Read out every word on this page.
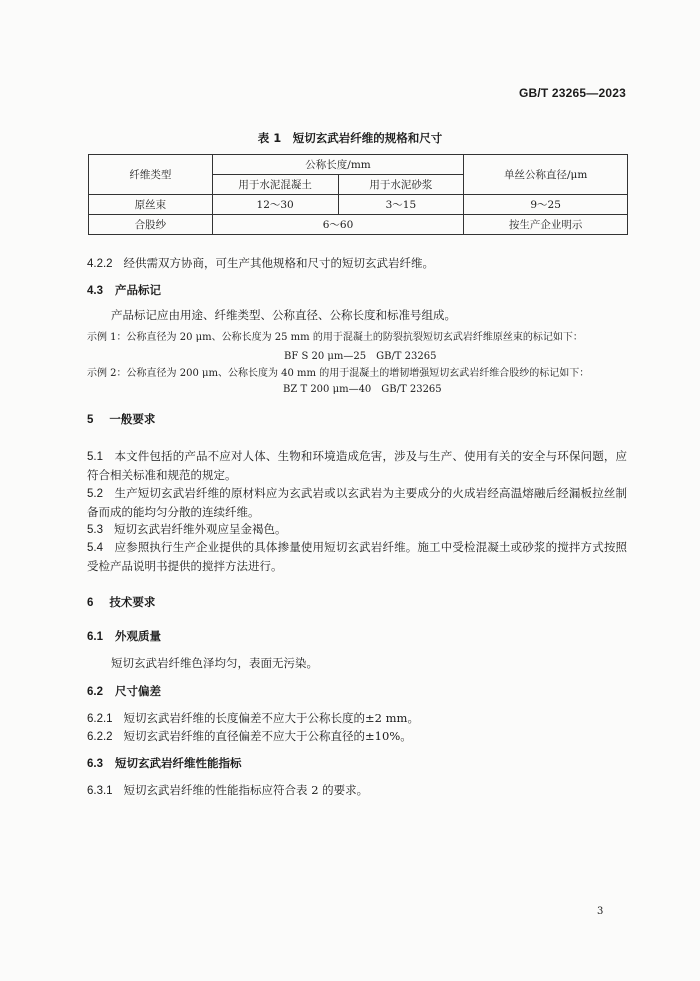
GB/T 23265—2023
表 1　短切玄武岩纤维的规格和尺寸
纤维类型	公称长度/mm		单丝公称直径/μm
	用于水泥混凝土	用于水泥砂浆	
原丝束	12～30	3～15	9～25
合股纱	6～60		按生产企业明示
4.2.2 经供需双方协商，可生产其他规格和尺寸的短切玄武岩纤维。
4.3 产品标记
产品标记应由用途、纤维类型、公称直径、公称长度和标准号组成。
示例 1：公称直径为 20 μm、公称长度为 25 mm 的用于混凝土的防裂抗裂短切玄武岩纤维原丝束的标记如下：
BF S 20 μm—25　GB/T 23265
示例 2：公称直径为 200 μm、公称长度为 40 mm 的用于混凝土的增韧增强短切玄武岩纤维合股纱的标记如下：
BZ T 200 μm—40　GB/T 23265
5 一般要求
5.1 本文件包括的产品不应对人体、生物和环境造成危害，涉及与生产、使用有关的安全与环保问题，应符合相关标准和规范的规定。
5.2 生产短切玄武岩纤维的原材料应为玄武岩或以玄武岩为主要成分的火成岩经高温熔融后经漏板拉丝制备而成的能均匀分散的连续纤维。
5.3 短切玄武岩纤维外观应呈金褐色。
5.4 应参照执行生产企业提供的具体掺量使用短切玄武岩纤维。施工中受检混凝土或砂浆的搅拌方式按照受检产品说明书提供的搅拌方法进行。
6 技术要求
6.1 外观质量
短切玄武岩纤维色泽均匀，表面无污染。
6.2 尺寸偏差
6.2.1 短切玄武岩纤维的长度偏差不应大于公称长度的±2 mm。
6.2.2 短切玄武岩纤维的直径偏差不应大于公称直径的±10%。
6.3 短切玄武岩纤维性能指标
6.3.1 短切玄武岩纤维的性能指标应符合表 2 的要求。
3
